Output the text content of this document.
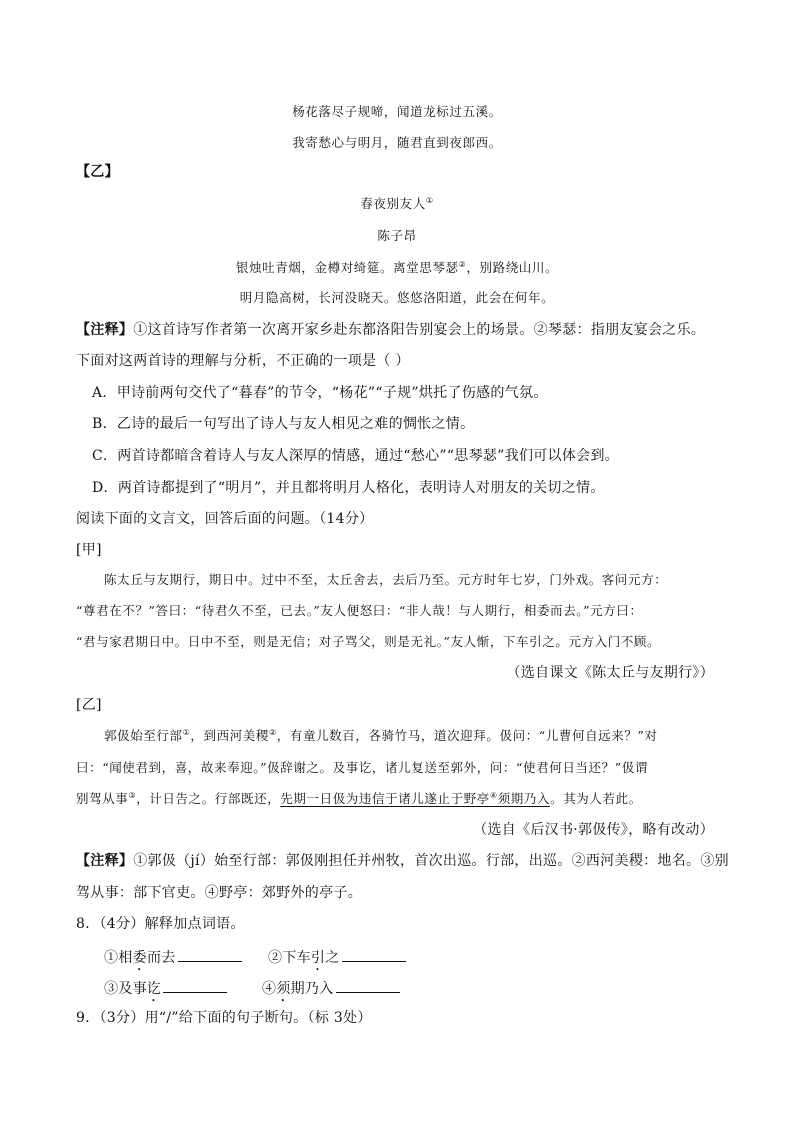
杨花落尽子规啼，闻道龙标过五溪。
我寄愁心与明月，随君直到夜郎西。
【乙】
春夜别友人①
陈子昂
银烛吐青烟，金樽对绮筵。离堂思琴瑟②，别路绕山川。
明月隐高树，长河没晓天。悠悠洛阳道，此会在何年。
【注释】①这首诗写作者第一次离开家乡赴东都洛阳告别宴会上的场景。②琴瑟：指朋友宴会之乐。
下面对这两首诗的理解与分析，不正确的一项是（ ）
A．甲诗前两句交代了“暮春”的节令，“杨花”“子规”烘托了伤感的气氛。
B．乙诗的最后一句写出了诗人与友人相见之难的惆怅之情。
C．两首诗都暗含着诗人与友人深厚的情感，通过“愁心”“思琴瑟”我们可以体会到。
D．两首诗都提到了“明月”，并且都将明月人格化，表明诗人对朋友的关切之情。
阅读下面的文言文，回答后面的问题。（14分）
[甲]
陈太丘与友期行，期日中。过中不至，太丘舍去，去后乃至。元方时年七岁，门外戏。客问元方：
“尊君在不？”答曰：“待君久不至，已去。”友人便怒曰：“非人哉！与人期行，相委而去。”元方曰：
“君与家君期日中。日中不至，则是无信；对子骂父，则是无礼。”友人惭，下车引之。元方入门不顾。
（选自课文《陈太丘与友期行》）
[乙]
郭伋始至行部①，到西河美稷②，有童儿数百，各骑竹马，道次迎拜。伋问：“儿曹何自远来？”对
曰：“闻使君到，喜，故来奉迎。”伋辞谢之。及事讫，诸儿复送至郭外，问：“使君何日当还？”伋谓
别驾从事③，计日告之。行部既还，先期一日伋为违信于诸儿遂止于野亭④须期乃入。其为人若此。
（选自《后汉书·郭伋传》，略有改动）
【注释】①郭伋（jí）始至行部：郭伋刚担任并州牧，首次出巡。行部，出巡。②西河美稷：地名。③别
驾从事：部下官吏。④野亭：郊野外的亭子。
8．（4分）解释加点词语。
①相委而去	②下车引之
③及事讫	④须期乃入
9．（3分）用“/”给下面的句子断句。（标 3处）
